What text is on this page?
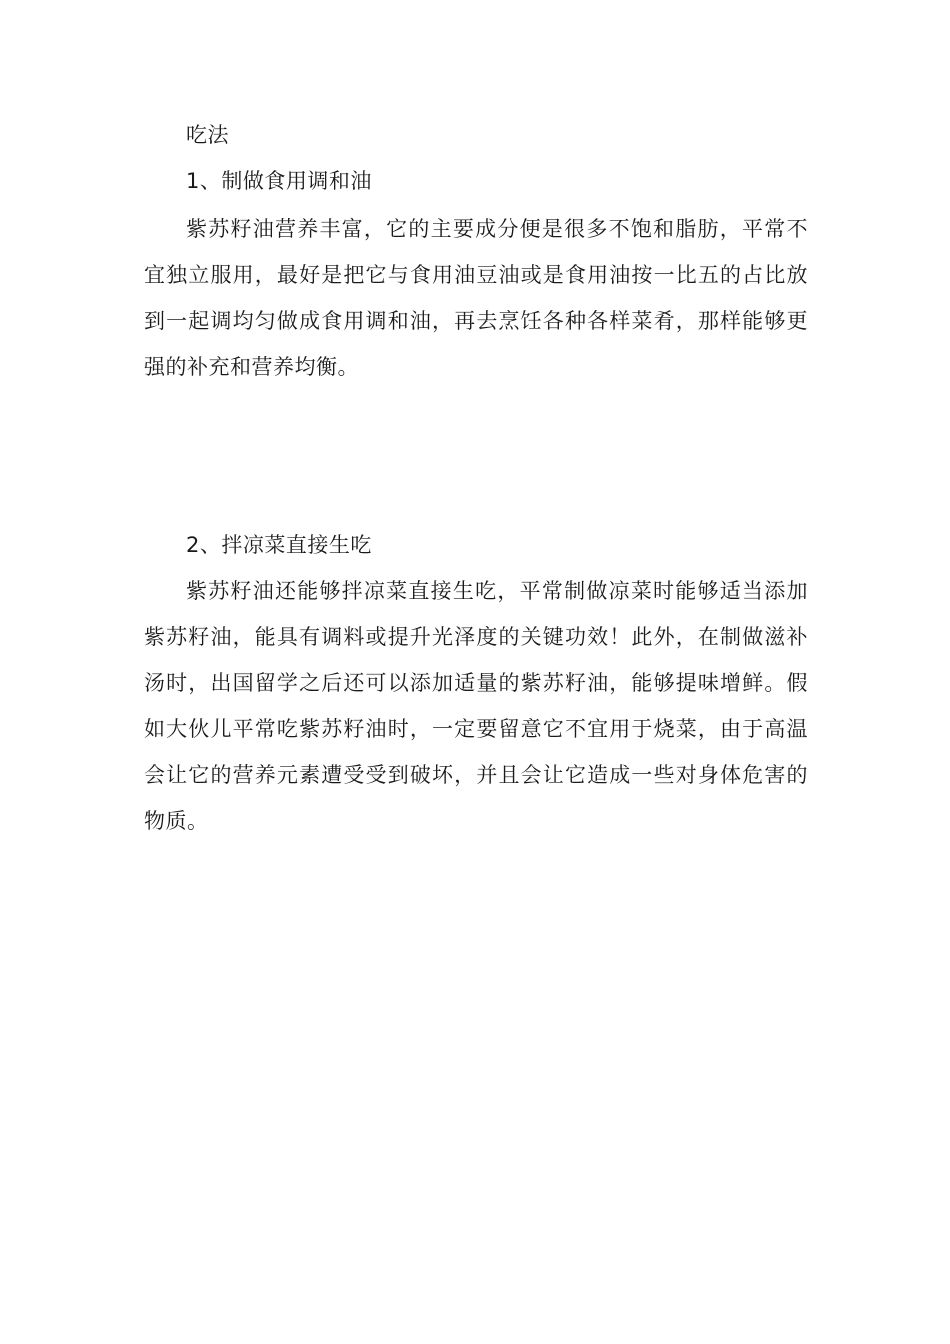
吃法

1、制做食用调和油

紫苏籽油营养丰富，它的主要成分便是很多不饱和脂肪，平常不宜独立服用，最好是把它与食用油豆油或是食用油按一比五的占比放到一起调均匀做成食用调和油，再去烹饪各种各样菜肴，那样能够更强的补充和营养均衡。

2、拌凉菜直接生吃

紫苏籽油还能够拌凉菜直接生吃，平常制做凉菜时能够适当添加紫苏籽油，能具有调料或提升光泽度的关键功效！此外，在制做滋补汤时，出国留学之后还可以添加适量的紫苏籽油，能够提味增鲜。假如大伙儿平常吃紫苏籽油时，一定要留意它不宜用于烧菜，由于高温会让它的营养元素遭受受到破坏，并且会让它造成一些对身体危害的物质。
